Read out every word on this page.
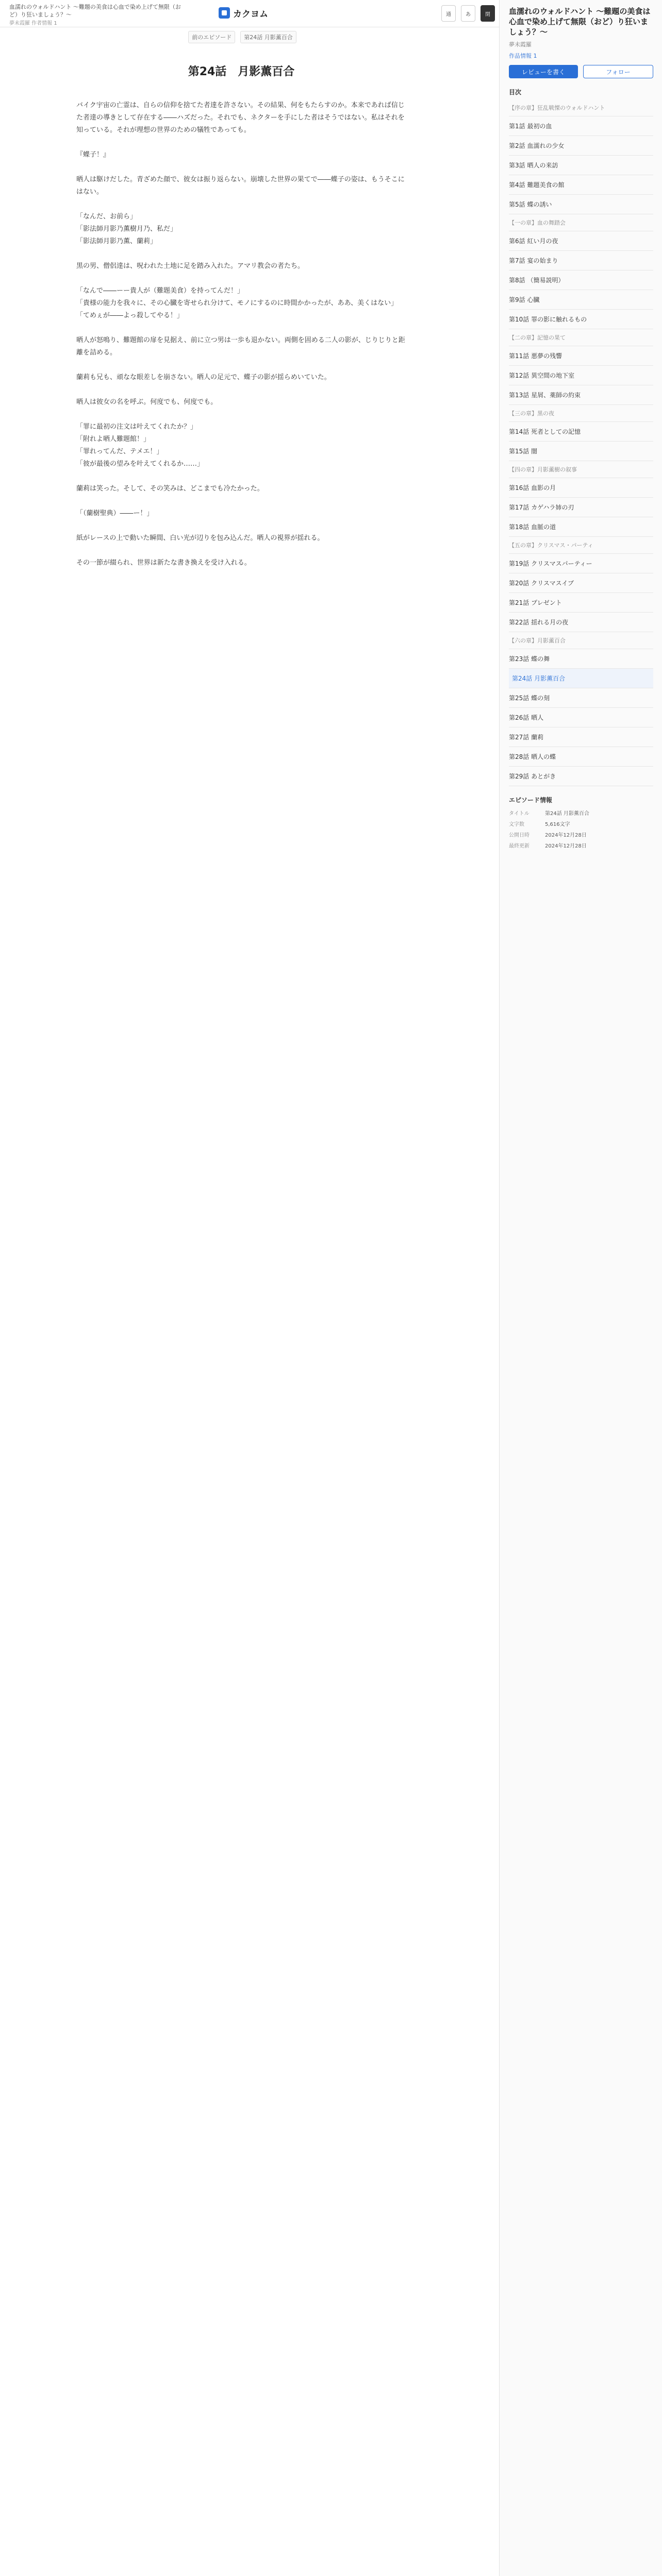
血濡れのウォルドハント 〜難題の美食は心血で染め上げて無限（おど）り狂いましょう？〜
夢未霞羅 作者情報 1
カクヨム	通	あ	閉
前のエピソード	第24話 月影薫百合
第24話　月影薫百合

バイク宇宙の亡霊は、自らの信仰を捨てた者達を許さない。その結果、何をもたらすのか。本来であれば信じた者達の導きとして存在する――ハズだった。それでも、ネクターを手にした者はそうではない。私はそれを知っている。それが理想の世界のための犠牲であっても。

『蝶子！』

晒人は駆けだした。青ざめた顔で、彼女は振り返らない。崩壊した世界の果てで――蝶子の姿は、もうそこにはない。

「なんだ、お前ら」
「影法師月影乃薫樹月乃、私だ」
「影法師月影乃薫、蘭莉」

黒の男、僧侶達は、呪われた土地に足を踏み入れた。アマリ教会の者たち。

「なんで――ーー貴人が（難題美食）を持ってんだ！」
「貴様の能力を我々に、その心臓を寄せられ分けて、モノにするのに時間かかったが、ああ、美くはない」
「てめぇが――よっ殺してやる！」

晒人が怒鳴り、難題館の扉を見据え、前に立つ男は一歩も退かない。両側を固める二人の影が、じりじりと距離を詰める。

蘭莉も兄も、頑なな眼差しを崩さない。晒人の足元で、蝶子の影が揺らめいていた。

晒人は彼女の名を呼ぶ。何度でも、何度でも。

「罪に最初の注文は叶えてくれたか？」
「附れよ晒人難題館！」
「罪れってんだ、テメエ！」
「彼が最後の望みを叶えてくれるか……」

蘭莉は笑った。そして、その笑みは、どこまでも冷たかった。

「（蘭樹聖典）――ー！」

紙がレースの上で動いた瞬間、白い光が辺りを包み込んだ。晒人の視界が揺れる。

その一節が綴られ、世界は新たな書き換えを受け入れる。

血濡れのウォルドハント 〜難題の美食は心血で染め上げて無限（おど）り狂いましょう？〜
夢未霞羅
作品情報 1
レビューを書く	フォロー
目次
【序の章】狂乱戦慄のウォルドハント
第1話 最初の血
第2話 血濡れの少女
第3話 晒人の来訪
第4話 難題美食の館
第5話 蝶の誘い
【一の章】血の舞踏会
第6話 紅い月の夜
第7話 宴の始まり
第8話 （簡易説明）
第9話 心臓
第10話 罪の影に触れるもの
【二の章】記憶の果て
第11話 悪夢の残響
第12話 異空間の地下室
第13話 星屑、薬師の約束
【三の章】黒の夜
第14話 死者としての記憶
第15話 闇
【四の章】月影薫樹の叙事
第16話 血影の月
第17話 カゲハラ姉の刃
第18話 血脈の道
【五の章】クリスマス・パーティ
第19話 クリスマスパーティー
第20話 クリスマスイブ
第21話 プレゼント
第22話 揺れる月の夜
【六の章】月影薫百合
第23話 蝶の舞
第24話 月影薫百合
第25話 蝶の刻
第26話 晒人
第27話 蘭莉
第28話 晒人の蝶
第29話 あとがき
エピソード情報
タイトル	第24話 月影薫百合
文字数	5,616文字
公開日時	2024年12月28日
最終更新	2024年12月28日
